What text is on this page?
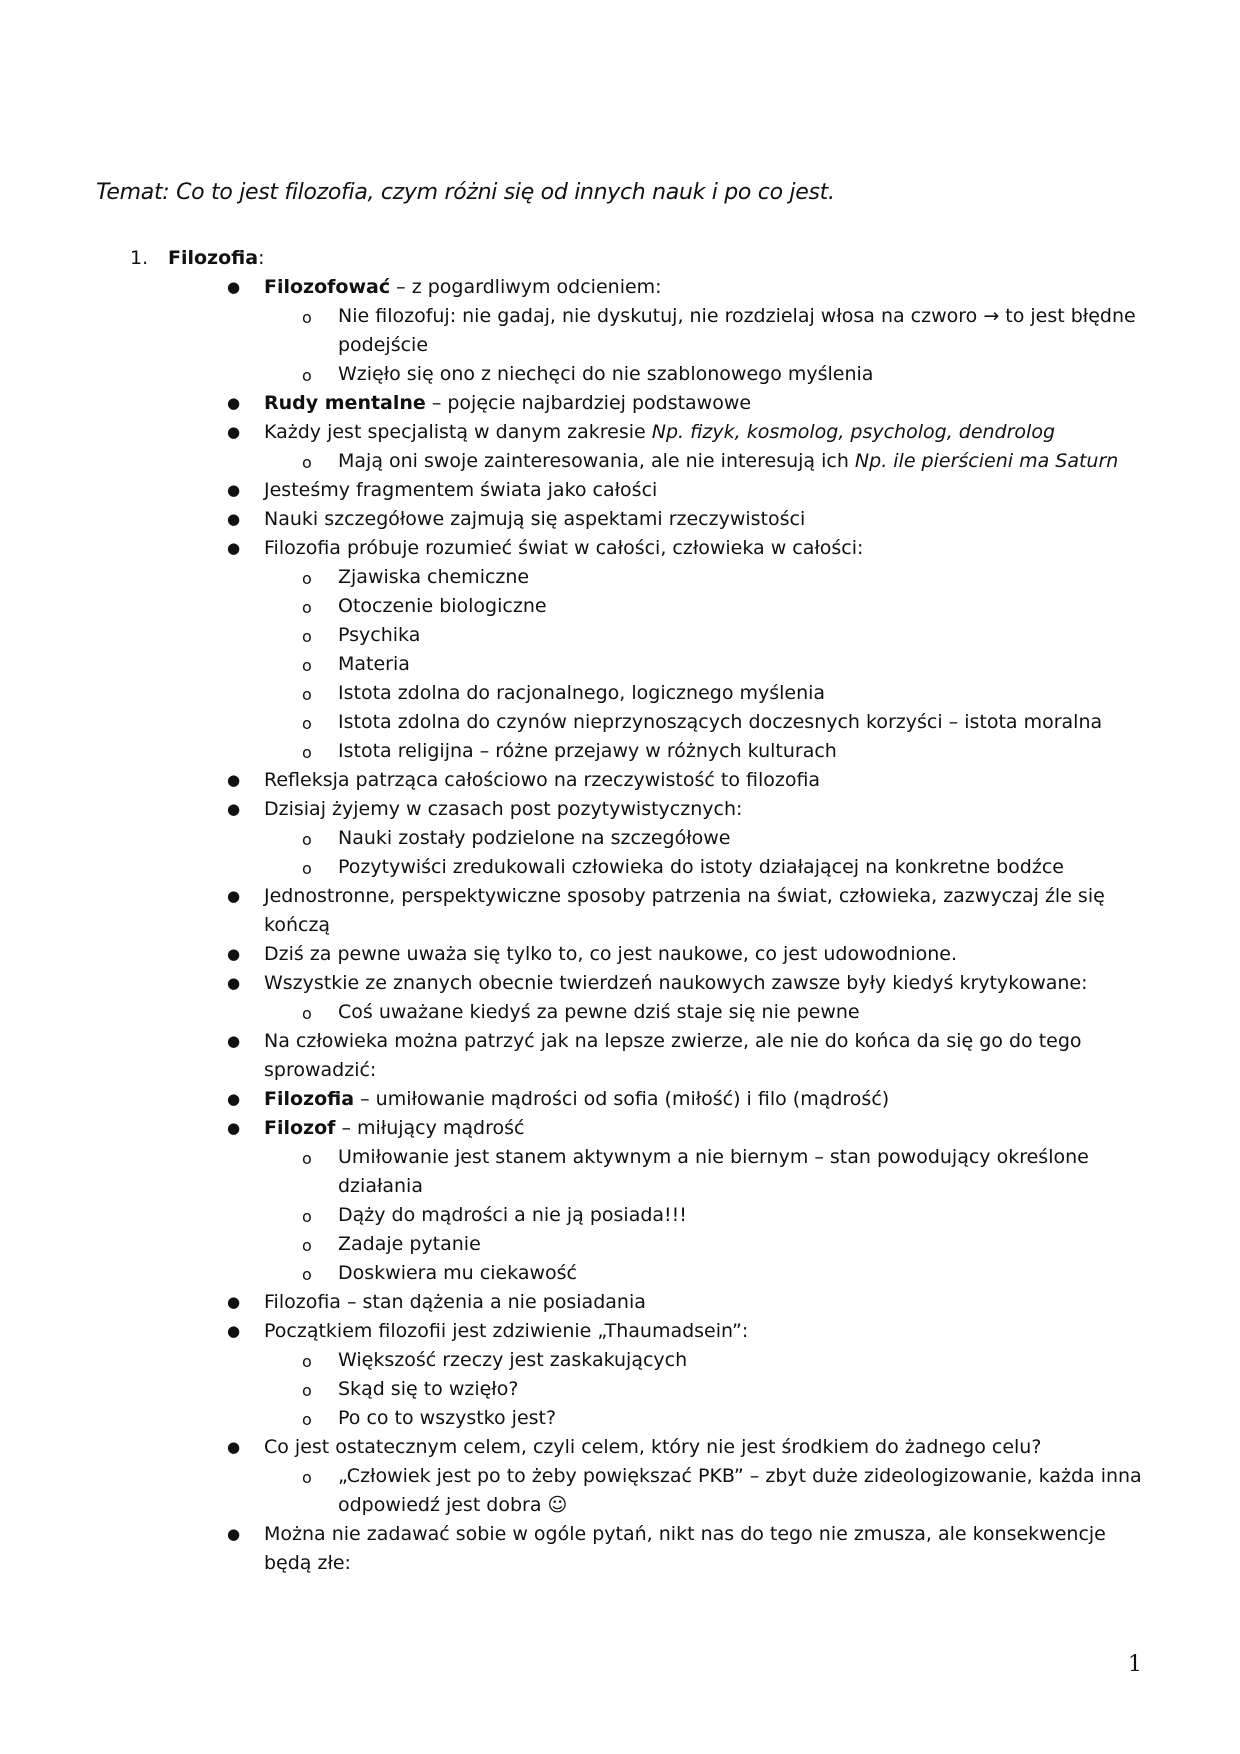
Temat: Co to jest filozofia, czym różni się od innych nauk i po co jest.
1. Filozofia:
● Filozofować – z pogardliwym odcieniem:
o Nie filozofuj: nie gadaj, nie dyskutuj, nie rozdzielaj włosa na czworo → to jest błędne podejście
o Wzięło się ono z niechęci do nie szablonowego myślenia
● Rudy mentalne – pojęcie najbardziej podstawowe
● Każdy jest specjalistą w danym zakresie Np. fizyk, kosmolog, psycholog, dendrolog
o Mają oni swoje zainteresowania, ale nie interesują ich Np. ile pierścieni ma Saturn
● Jesteśmy fragmentem świata jako całości
● Nauki szczegółowe zajmują się aspektami rzeczywistości
● Filozofia próbuje rozumieć świat w całości, człowieka w całości:
o Zjawiska chemiczne
o Otoczenie biologiczne
o Psychika
o Materia
o Istota zdolna do racjonalnego, logicznego myślenia
o Istota zdolna do czynów nieprzynoszących doczesnych korzyści – istota moralna
o Istota religijna – różne przejawy w różnych kulturach
● Refleksja patrząca całościowo na rzeczywistość to filozofia
● Dzisiaj żyjemy w czasach post pozytywistycznych:
o Nauki zostały podzielone na szczegółowe
o Pozytywiści zredukowali człowieka do istoty działającej na konkretne bodźce
● Jednostronne, perspektywiczne sposoby patrzenia na świat, człowieka, zazwyczaj źle się kończą
● Dziś za pewne uważa się tylko to, co jest naukowe, co jest udowodnione.
● Wszystkie ze znanych obecnie twierdzeń naukowych zawsze były kiedyś krytykowane:
o Coś uważane kiedyś za pewne dziś staje się nie pewne
● Na człowieka można patrzyć jak na lepsze zwierze, ale nie do końca da się go do tego sprowadzić:
● Filozofia – umiłowanie mądrości od sofia (miłość) i filo (mądrość)
● Filozof – miłujący mądrość
o Umiłowanie jest stanem aktywnym a nie biernym – stan powodujący określone działania
o Dąży do mądrości a nie ją posiada!!!
o Zadaje pytanie
o Doskwiera mu ciekawość
● Filozofia – stan dążenia a nie posiadania
● Początkiem filozofii jest zdziwienie „Thaumadsein”:
o Większość rzeczy jest zaskakujących
o Skąd się to wzięło?
o Po co to wszystko jest?
● Co jest ostatecznym celem, czyli celem, który nie jest środkiem do żadnego celu?
o „Człowiek jest po to żeby powiększać PKB” – zbyt duże zideologizowanie, każda inna odpowiedź jest dobra ☺
● Można nie zadawać sobie w ogóle pytań, nikt nas do tego nie zmusza, ale konsekwencje będą złe:
1
